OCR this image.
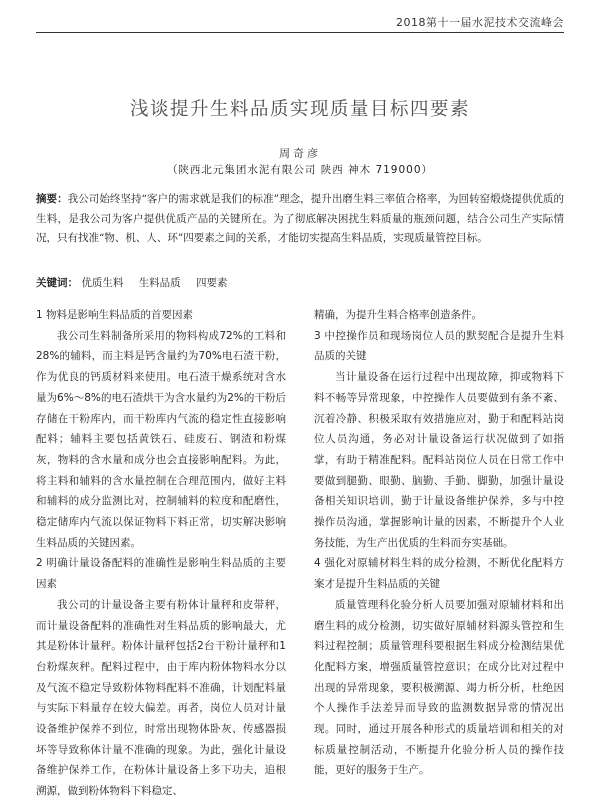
2018第十一届水泥技术交流峰会
浅谈提升生料品质实现质量目标四要素
周奇彦
（陕西北元集团水泥有限公司 陕西 神木 719000）
摘要：我公司始终坚持“客户的需求就是我们的标准”理念，提升出磨生料三率值合格率，为回转窑煅烧提供优质的生料，是我公司为客户提供优质产品的关键所在。为了彻底解决困扰生料质量的瓶颈问题，结合公司生产实际情况，只有找准“物、机、人、环”四要素之间的关系，才能切实提高生料品质，实现质量管控目标。
关键词： 优质生料 生料品质 四要素

1 物料是影响生料品质的首要因素

我公司生料制备所采用的物料构成72%的工料和28%的辅料，而主料是钙含量约为70%电石渣干粉，作为优良的钙质材料来使用。电石渣干燥系统对含水量为6%～8%的电石渣烘干为含水量约为2%的干粉后存储在干粉库内，而干粉库内气流的稳定性直接影响配料；辅料主要包括黄铁石、硅废石、钢渣和粉煤灰，物料的含水量和成分也会直接影响配料。为此，将主料和辅料的含水量控制在合理范围内，做好主料和辅料的成分监测比对，控制辅料的粒度和配磨性，稳定储库内气流以保证物料下料正常，切实解决影响生料品质的关键因素。

2 明确计量设备配料的准确性是影响生料品质的主要因素

我公司的计量设备主要有粉体计量秤和皮带秤，而计量设备配料的准确性对生料品质的影响最大，尤其是粉体计量秤。粉体计量秤包括2台干粉计量秤和1台粉煤灰秤。配料过程中，由于库内粉体物料水分以及气流不稳定导致粉体物料配料不准确，计划配料量与实际下料量存在较大偏差。再者，岗位人员对计量设备维护保养不到位，时常出现物体卧灰、传感器损坏等导致称体计量不准确的现象。为此，强化计量设备维护保养工作，在粉体计量设备上多下功夫，追根溯源，做到粉体物料下料稳定、

精确，为提升生料合格率创造条件。

3 中控操作员和现场岗位人员的默契配合是提升生料品质的关键

当计量设备在运行过程中出现故障，抑或物料下料不畅等异常现象，中控操作人员要做到有条不紊、沉着冷静、积极采取有效措施应对，勤于和配料站岗位人员沟通，务必对计量设备运行状况做到了如指掌，有助于精准配料。配料站岗位人员在日常工作中要做到腿勤、眼勤、脑勤、手勤、脚勤，加强计量设备相关知识培训，勤于计量设备维护保养，多与中控操作员沟通，掌握影响计量的因素，不断提升个人业务技能，为生产出优质的生料而夯实基础。

4 强化对原辅材料生料的成分检测，不断优化配料方案才是提升生料品质的关键

质量管理科化验分析人员要加强对原辅材料和出磨生料的成分检测，切实做好原辅材料源头管控和生料过程控制；质量管理科要根据生料成分检测结果优化配料方案，增强质量管控意识；在成分比对过程中出现的异常现象，要积极溯源、竭力析分析，杜绝因个人操作手法差异而导致的监测数据异常的情况出现。同时，通过开展各种形式的质量培训和相关的对标质量控制活动，不断提升化验分析人员的操作技能，更好的服务于生产。
